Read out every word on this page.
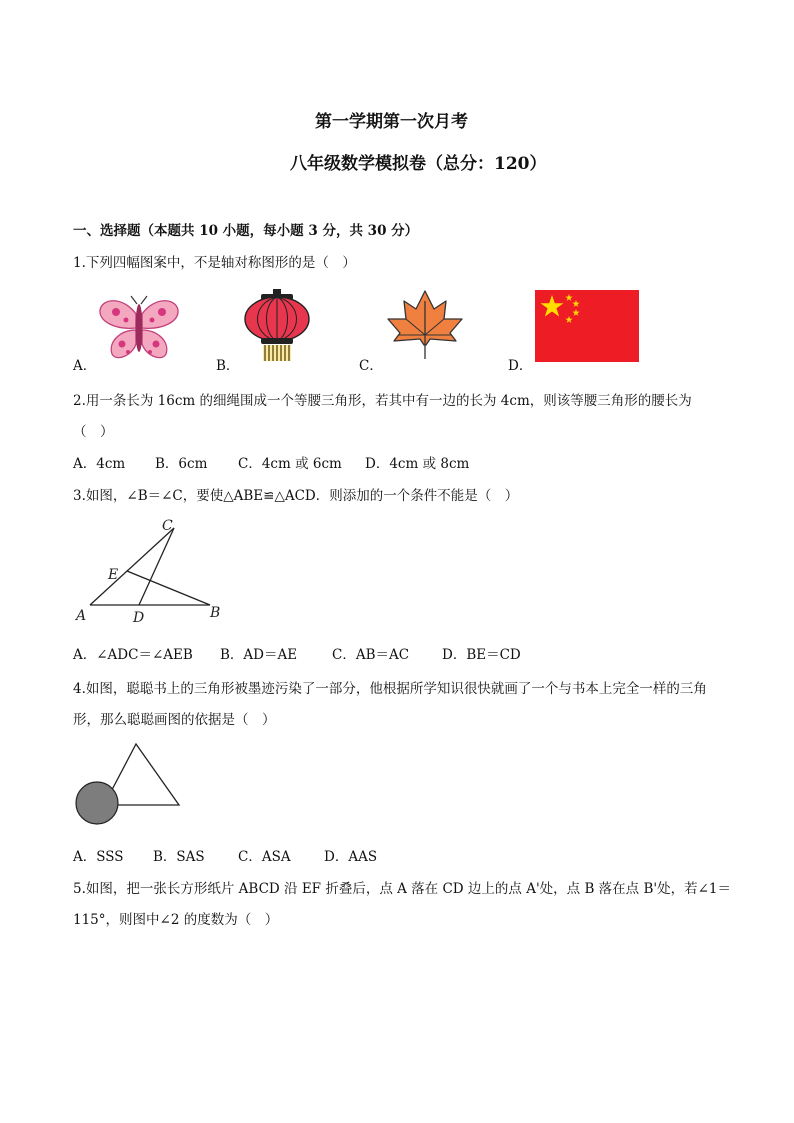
第一学期第一次月考
八年级数学模拟卷（总分：120）
一、选择题（本题共 10 小题，每小题 3 分，共 30 分）
1.下列四幅图案中，不是轴对称图形的是（　）
A．	B．	C．	D．
2.用一条长为 16cm 的细绳围成一个等腰三角形，若其中有一边的长为 4cm，则该等腰三角形的腰长为
（　）
A．4cm B．6cm C．4cm 或 6cm D．4cm 或 8cm
3.如图，∠B＝∠C，要使△ABE≌△ACD．则添加的一个条件不能是（　）
C
E
A	D	B
A．∠ADC＝∠AEB B．AD＝AE	C．AB＝AC D．BE＝CD
4.如图，聪聪书上的三角形被墨迹污染了一部分，他根据所学知识很快就画了一个与书本上完全一样的三角
形，那么聪聪画图的依据是（　）
A．SSS B．SAS C．ASA D．AAS
5.如图，把一张长方形纸片 ABCD 沿 EF 折叠后，点 A 落在 CD 边上的点 A'处，点 B 落在点 B'处，若∠1＝
115°，则图中∠2 的度数为（　）
